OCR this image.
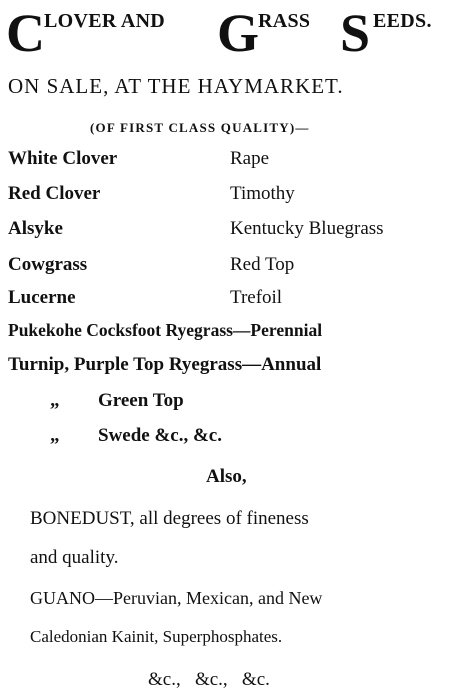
C LOVER AND G
RASS S EEDS.
ON SALE, AT THE HAYMARKET.
(OF FIRST CLASS QUALITY)—
White Clover
Red Clover
Alsyke
Cowgrass
Lucerne
Rape
Timothy
Kentucky Bluegrass
Red Top
Trefoil
Pukekohe Cocksfoot Ryegrass—Perennial
Turnip, Purple Top Ryegrass—Annual
„ Green Top
„ Swede &c., &c.
Also,
BONEDUST, all degrees of fineness
and quality.
GUANO—Peruvian, Mexican, and New
Caledonian Kainit, Superphosphates.
&c.,   &c.,   &c.
